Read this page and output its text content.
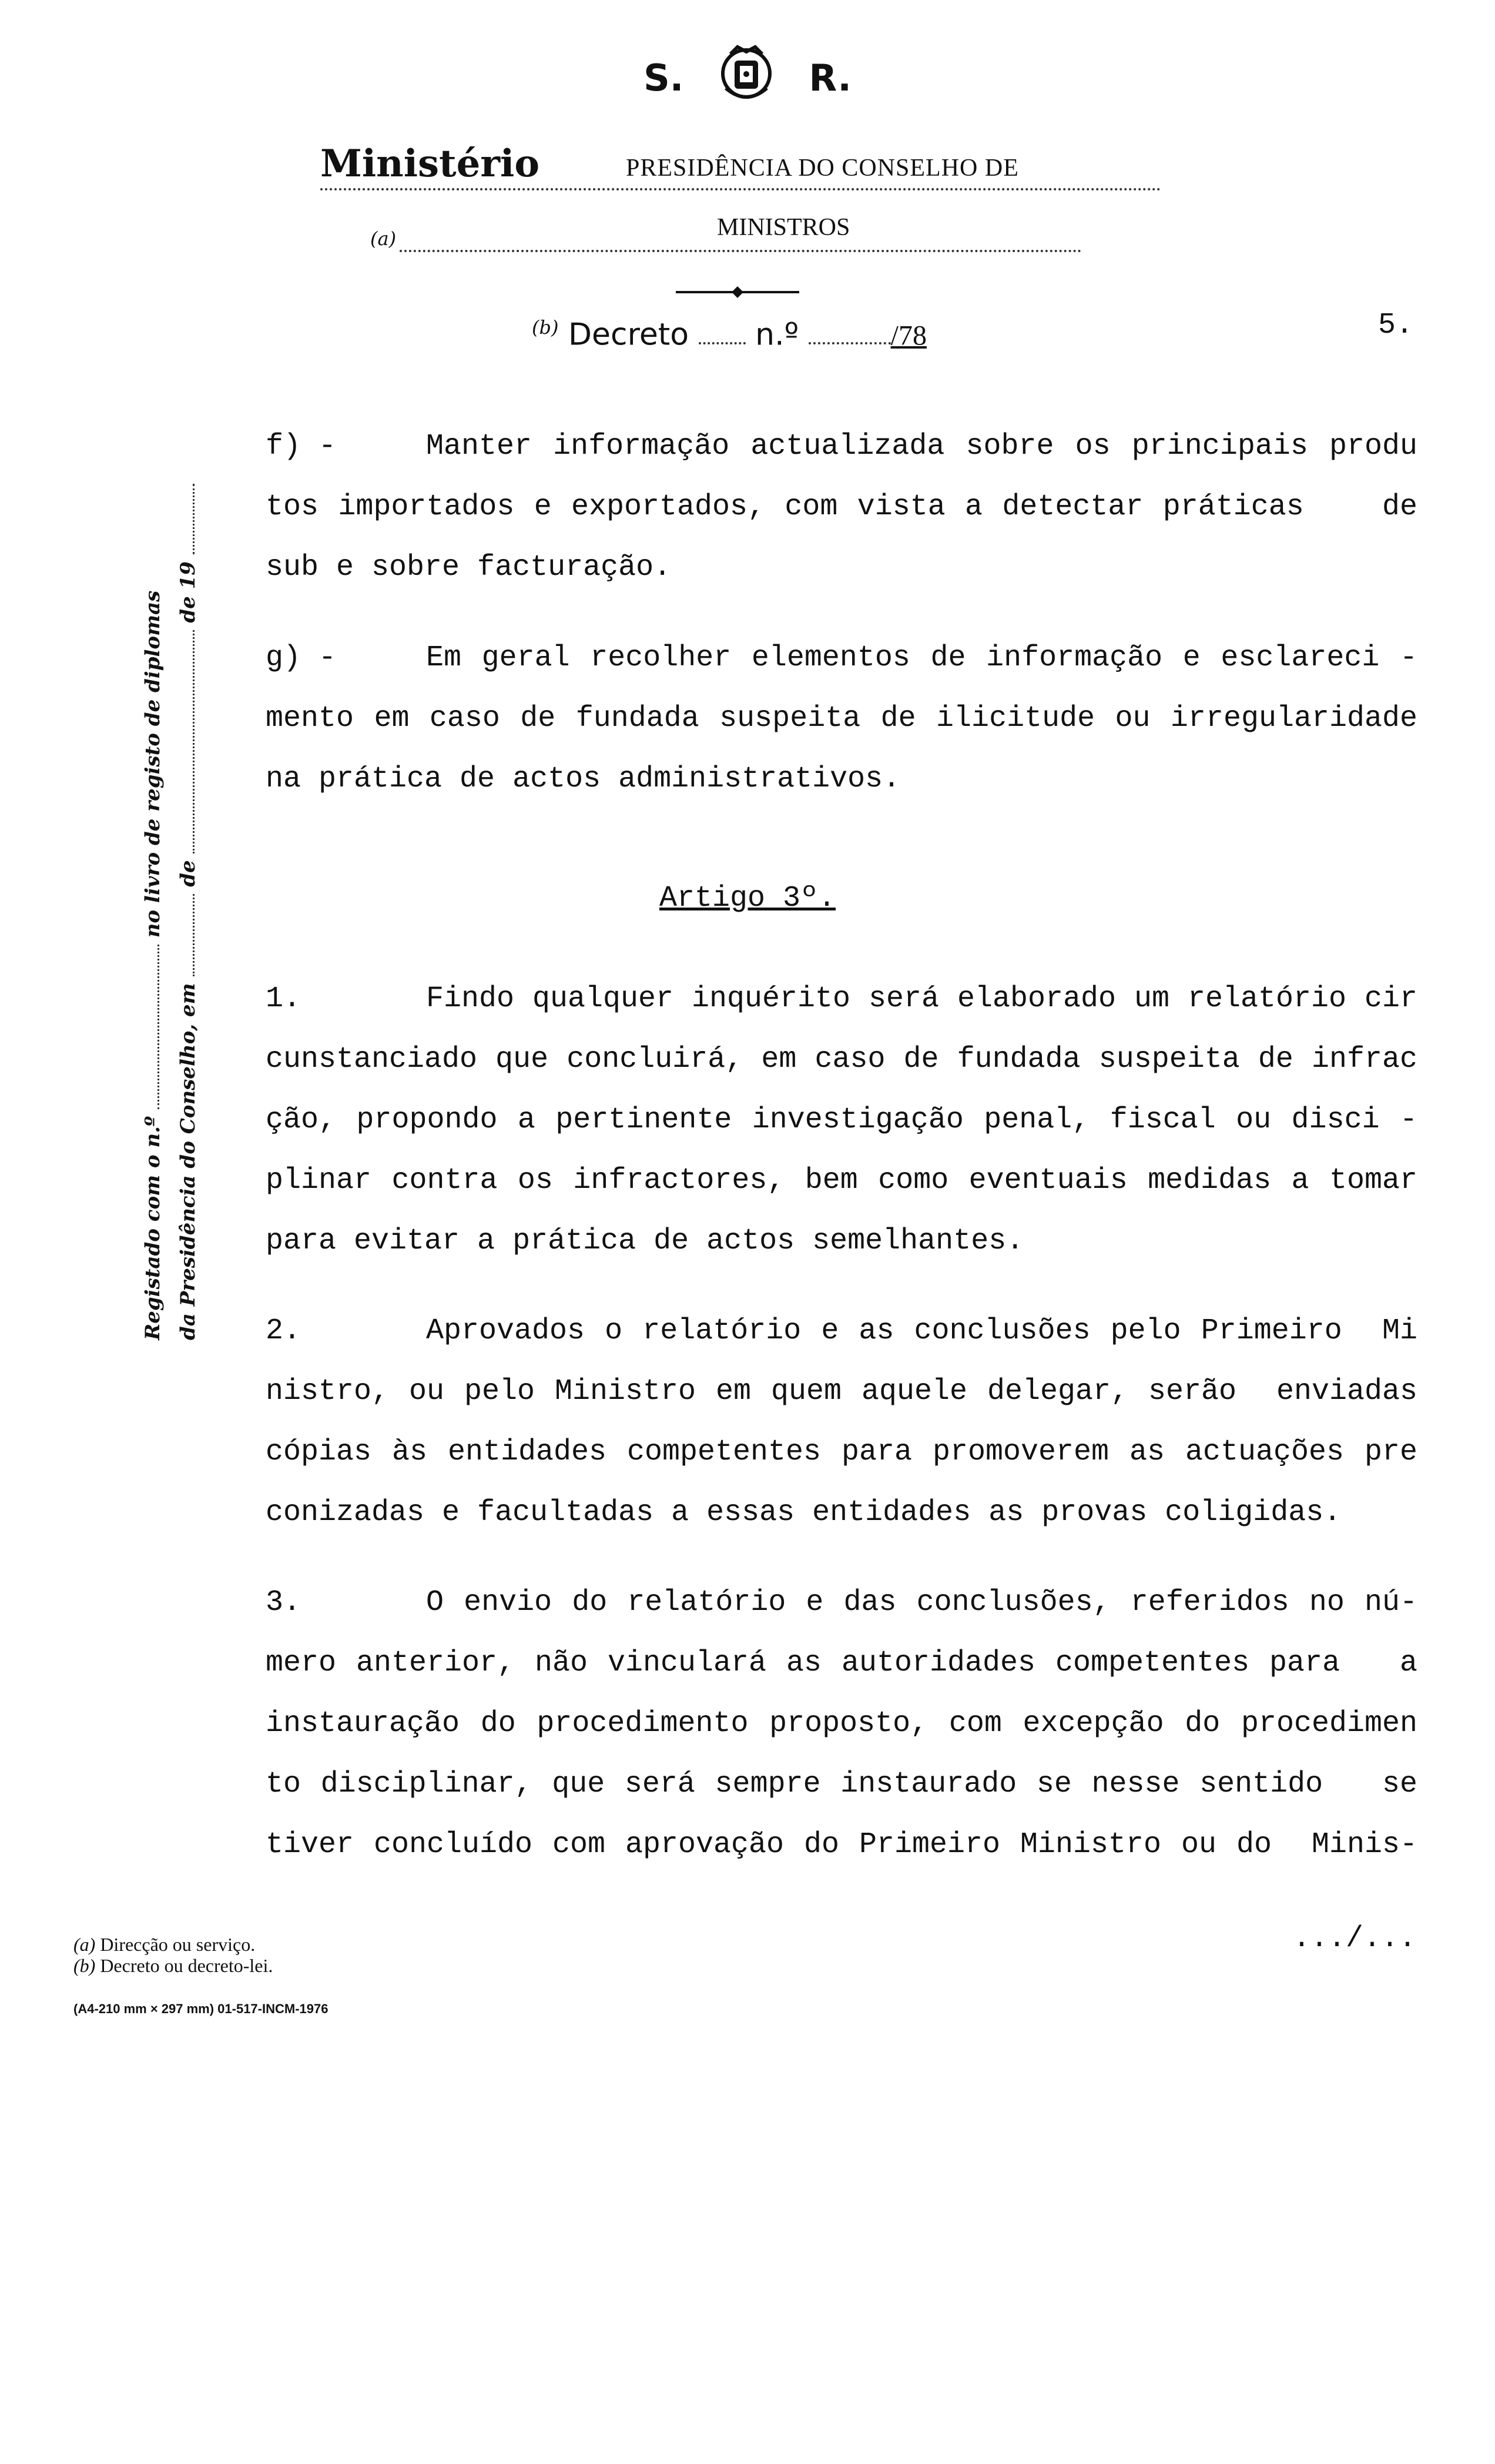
S.	R.
Ministério	PRESIDÊNCIA DO CONSELHO DE
(a)	MINISTROS
$^{(b)}$ Decreto n.º	/78	5.
Registado com o n.º  no livro de registo de diplomas
da Presidência do Conselho, em  de  de 19
f) -	Manter informação actualizada sobre os principais produ
tos importados e exportados, com vista a detectar práticas    de
sub e sobre facturação.
g) -	Em geral recolher elementos de informação e esclareci -
mento em caso de fundada suspeita de ilicitude ou irregularidade
na prática de actos administrativos.
Artigo 3º.
1.	Findo qualquer inquérito será elaborado um relatório cir
cunstanciado que concluirá, em caso de fundada suspeita de infrac
ção, propondo a pertinente investigação penal, fiscal ou disci -
plinar contra os infractores, bem como eventuais medidas a tomar
para evitar a prática de actos semelhantes.
2.	Aprovados o relatório e as conclusões pelo Primeiro  Mi
nistro, ou pelo Ministro em quem aquele delegar, serão  enviadas
cópias às entidades competentes para promoverem as actuações pre
conizadas e facultadas a essas entidades as provas coligidas.
3.	O envio do relatório e das conclusões, referidos no nú-
mero anterior, não vinculará as autoridades competentes para   a
instauração do procedimento proposto, com excepção do procedimen
to disciplinar, que será sempre instaurado se nesse sentido   se
tiver concluído com aprovação do Primeiro Ministro ou do  Minis-
.../...
(a) Direcção ou serviço.
(b) Decreto ou decreto-lei.
(A4-210 mm × 297 mm) 01-517-INCM-1976
